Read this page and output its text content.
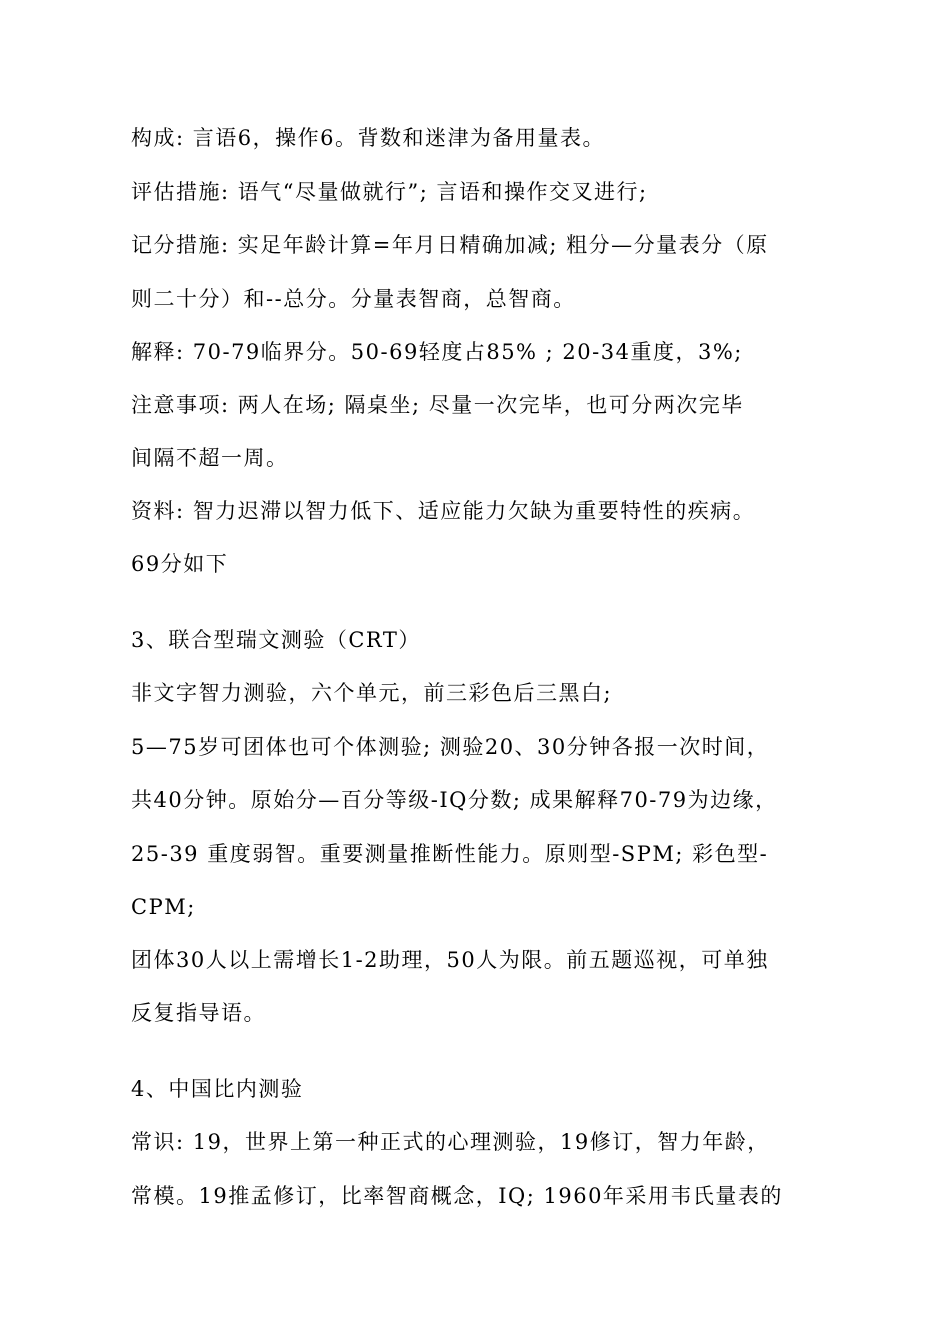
构成: 言语6，操作6。背数和迷津为备用量表。

评估措施: 语气“尽量做就行”; 言语和操作交叉进行;

记分措施: 实足年龄计算=年月日精确加减; 粗分—分量表分（原

则二十分）和--总分。分量表智商，总智商。

解释: 70-79临界分。50-69轻度占85% ; 20-34重度，3%;

注意事项: 两人在场; 隔桌坐; 尽量一次完毕，也可分两次完毕

间隔不超一周。

资料: 智力迟滞以智力低下、适应能力欠缺为重要特性的疾病。

69分如下

3、联合型瑞文测验（CRT）

非文字智力测验，六个单元，前三彩色后三黑白;

5—75岁可团体也可个体测验; 测验20、30分钟各报一次时间，

共40分钟。原始分—百分等级-IQ分数; 成果解释70-79为边缘，

25-39 重度弱智。重要测量推断性能力。原则型-SPM; 彩色型-

CPM;

团体30人以上需增长1-2助理，50人为限。前五题巡视，可单独

反复指导语。

4、中国比内测验

常识: 19，世界上第一种正式的心理测验，19修订，智力年龄，

常模。19推孟修订，比率智商概念，IQ; 1960年采用韦氏量表的
